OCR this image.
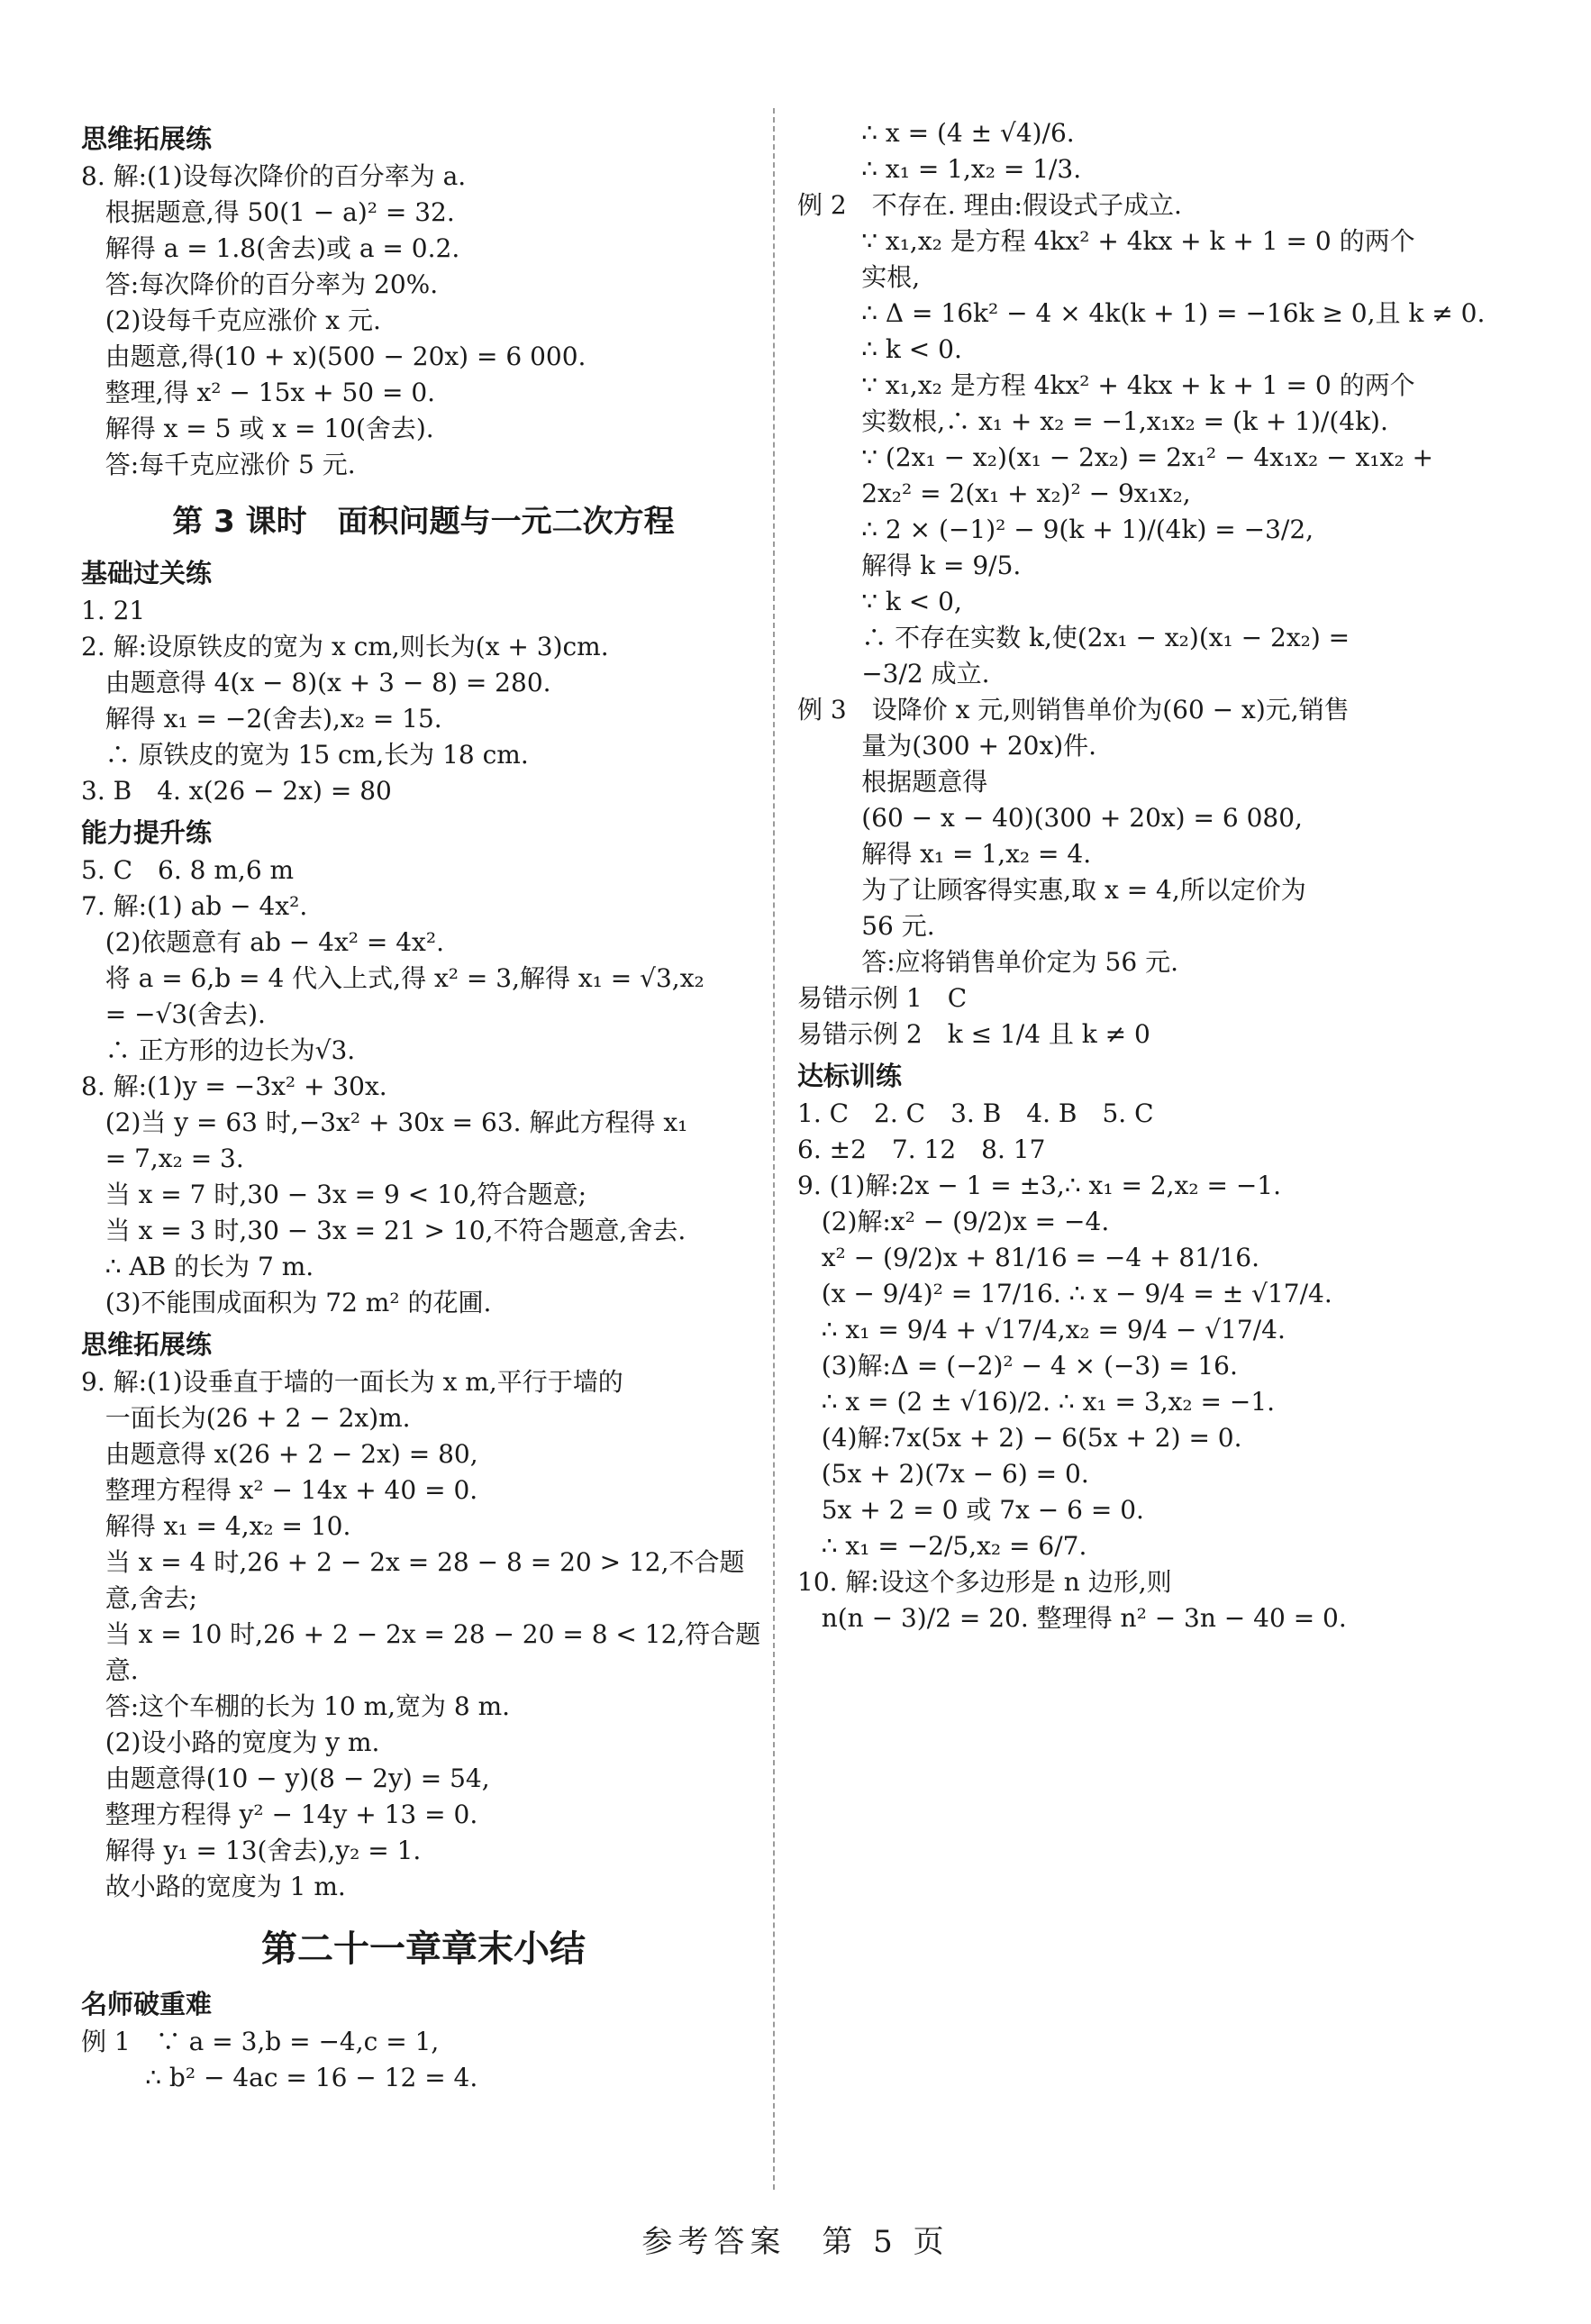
思维拓展练
8. 解:(1)设每次降价的百分率为 a.
根据题意,得 50(1 − a)² = 32.
解得 a = 1.8(舍去)或 a = 0.2.
答:每次降价的百分率为 20%.
(2)设每千克应涨价 x 元.
由题意,得(10 + x)(500 − 20x) = 6 000.
整理,得 x² − 15x + 50 = 0.
解得 x = 5 或 x = 10(舍去).
答:每千克应涨价 5 元.
第 3 课时　面积问题与一元二次方程
基础过关练
1. 21
2. 解:设原铁皮的宽为 x cm,则长为(x + 3)cm.
由题意得 4(x − 8)(x + 3 − 8) = 280.
解得 x₁ = −2(舍去),x₂ = 15.
∴ 原铁皮的宽为 15 cm,长为 18 cm.
3. B　4. x(26 − 2x) = 80
能力提升练
5. C　6. 8 m,6 m
7. 解:(1) ab − 4x².
(2)依题意有 ab − 4x² = 4x².
将 a = 6,b = 4 代入上式,得 x² = 3,解得 x₁ = √3,x₂
= −√3(舍去).
∴ 正方形的边长为√3.
8. 解:(1)y = −3x² + 30x.
(2)当 y = 63 时,−3x² + 30x = 63. 解此方程得 x₁
= 7,x₂ = 3.
当 x = 7 时,30 − 3x = 9 < 10,符合题意;
当 x = 3 时,30 − 3x = 21 > 10,不符合题意,舍去.
∴ AB 的长为 7 m.
(3)不能围成面积为 72 m² 的花圃.
思维拓展练
9. 解:(1)设垂直于墙的一面长为 x m,平行于墙的
一面长为(26 + 2 − 2x)m.
由题意得 x(26 + 2 − 2x) = 80,
整理方程得 x² − 14x + 40 = 0.
解得 x₁ = 4,x₂ = 10.
当 x = 4 时,26 + 2 − 2x = 28 − 8 = 20 > 12,不合题
意,舍去;
当 x = 10 时,26 + 2 − 2x = 28 − 20 = 8 < 12,符合题
意.
答:这个车棚的长为 10 m,宽为 8 m.
(2)设小路的宽度为 y m.
由题意得(10 − y)(8 − 2y) = 54,
整理方程得 y² − 14y + 13 = 0.
解得 y₁ = 13(舍去),y₂ = 1.
故小路的宽度为 1 m.
第二十一章章末小结
名师破重难
例 1　∵ a = 3,b = −4,c = 1,
∴ b² − 4ac = 16 − 12 = 4.
∴ x = (4 ± √4)/6.
∴ x₁ = 1,x₂ = 1/3.
例 2　不存在. 理由:假设式子成立.
∵ x₁,x₂ 是方程 4kx² + 4kx + k + 1 = 0 的两个
实根,
∴ Δ = 16k² − 4 × 4k(k + 1) = −16k ≥ 0,且 k ≠ 0.
∴ k < 0.
∵ x₁,x₂ 是方程 4kx² + 4kx + k + 1 = 0 的两个
实数根,∴ x₁ + x₂ = −1,x₁x₂ = (k + 1)/(4k).
∵ (2x₁ − x₂)(x₁ − 2x₂) = 2x₁² − 4x₁x₂ − x₁x₂ +
2x₂² = 2(x₁ + x₂)² − 9x₁x₂,
∴ 2 × (−1)² − 9(k + 1)/(4k) = −3/2,
解得 k = 9/5.
∵ k < 0,
∴ 不存在实数 k,使(2x₁ − x₂)(x₁ − 2x₂) =
−3/2 成立.
例 3　设降价 x 元,则销售单价为(60 − x)元,销售
量为(300 + 20x)件.
根据题意得
(60 − x − 40)(300 + 20x) = 6 080,
解得 x₁ = 1,x₂ = 4.
为了让顾客得实惠,取 x = 4,所以定价为
56 元.
答:应将销售单价定为 56 元.
易错示例 1　C
易错示例 2　k ≤ 1/4 且 k ≠ 0
达标训练
1. C　2. C　3. B　4. B　5. C
6. ±2　7. 12　8. 17
9. (1)解:2x − 1 = ±3,∴ x₁ = 2,x₂ = −1.
(2)解:x² − (9/2)x = −4.
x² − (9/2)x + 81/16 = −4 + 81/16.
(x − 9/4)² = 17/16. ∴ x − 9/4 = ± √17/4.
∴ x₁ = 9/4 + √17/4,x₂ = 9/4 − √17/4.
(3)解:Δ = (−2)² − 4 × (−3) = 16.
∴ x = (2 ± √16)/2. ∴ x₁ = 3,x₂ = −1.
(4)解:7x(5x + 2) − 6(5x + 2) = 0.
(5x + 2)(7x − 6) = 0.
5x + 2 = 0 或 7x − 6 = 0.
∴ x₁ = −2/5,x₂ = 6/7.
10. 解:设这个多边形是 n 边形,则
n(n − 3)/2 = 20. 整理得 n² − 3n − 40 = 0.
参考答案　第 5 页
